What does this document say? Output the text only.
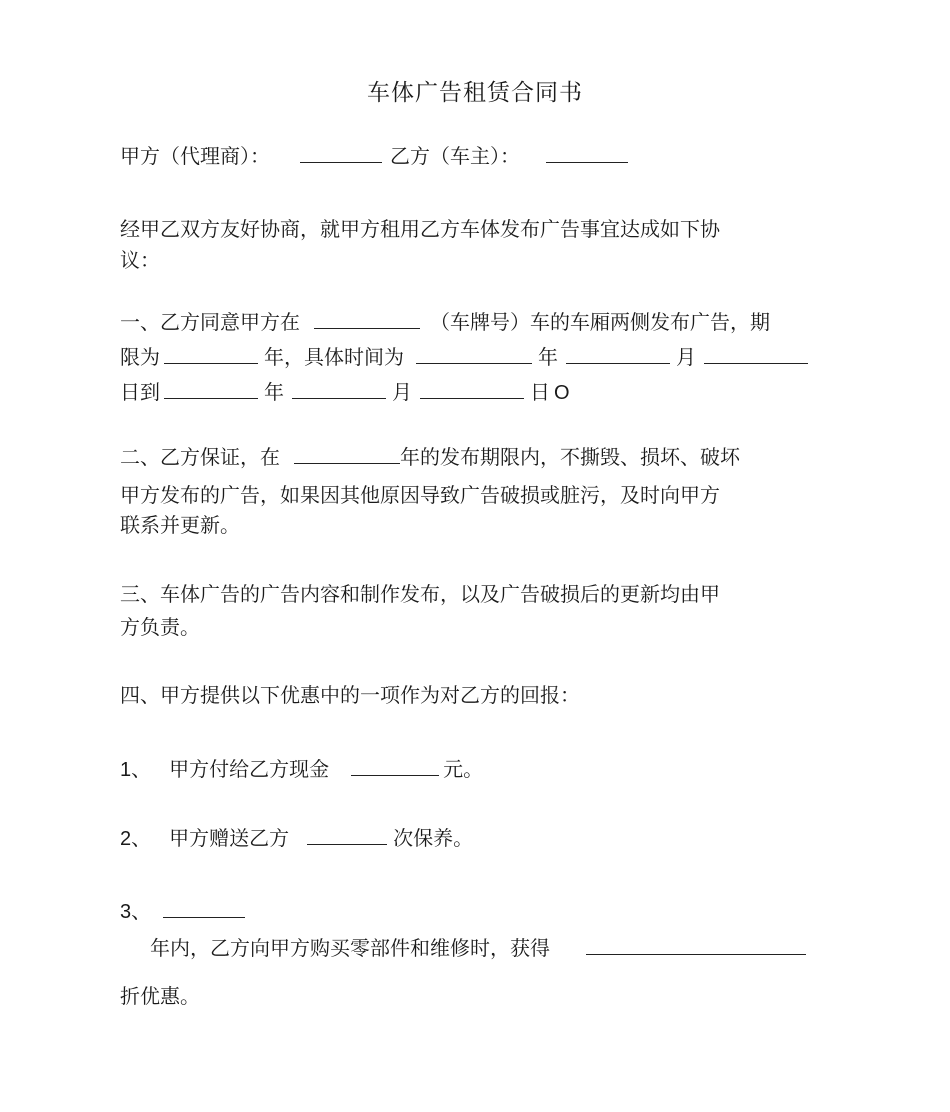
车体广告租赁合同书
甲方（代理商）：	乙方（车主）：
经甲乙双方友好协商，就甲方租用乙方车体发布广告事宜达成如下协
议：
一、乙方同意甲方在	（车牌号）车的车厢两侧发布广告，期
限为	年，具体时间为	年	月
日到	年	月	日 O
二、乙方保证，在	年的发布期限内，不撕毁、损坏、破坏
甲方发布的广告，如果因其他原因导致广告破损或脏污，及时向甲方
联系并更新。
三、车体广告的广告内容和制作发布，以及广告破损后的更新均由甲
方负责。
四、甲方提供以下优惠中的一项作为对乙方的回报：
1、 甲方付给乙方现金	元。
2、 甲方赠送乙方	次保养。
3、
年内，乙方向甲方购买零部件和维修时，获得
折优惠。
